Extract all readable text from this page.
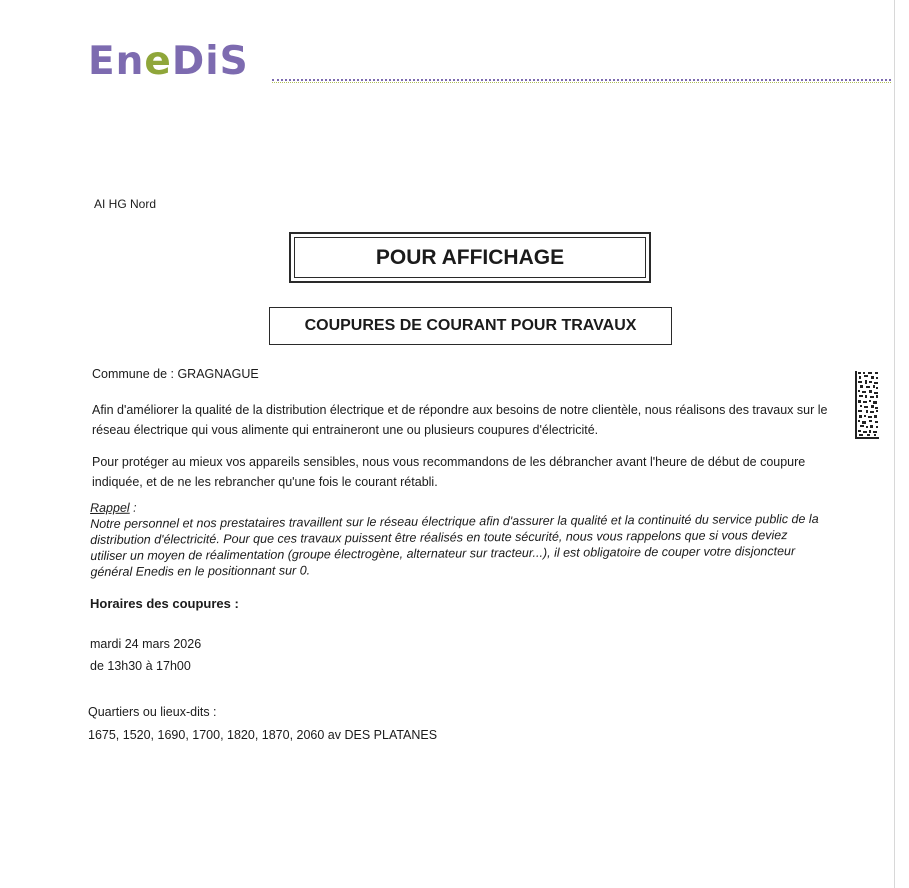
EneDiS
AI HG Nord
POUR AFFICHAGE
COUPURES DE COURANT POUR TRAVAUX
Commune de : GRAGNAGUE
Afin d'améliorer la qualité de la distribution électrique et de répondre aux besoins de notre clientèle, nous réalisons des travaux sur le réseau électrique qui vous alimente qui entraineront une ou plusieurs coupures d'électricité.
Pour protéger au mieux vos appareils sensibles, nous vous recommandons de les débrancher avant l'heure de début de coupure indiquée, et de ne les rebrancher qu'une fois le courant rétabli.
Rappel :
Notre personnel et nos prestataires travaillent sur le réseau électrique afin d'assurer la qualité et la continuité du service public de la distribution d'électricité. Pour que ces travaux puissent être réalisés en toute sécurité, nous vous rappelons que si vous deviez utiliser un moyen de réalimentation (groupe électrogène, alternateur sur tracteur...), il est obligatoire de couper votre disjoncteur général Enedis en le positionnant sur 0.
Horaires des coupures :
mardi 24 mars 2026
de 13h30 à 17h00
Quartiers ou lieux-dits :
1675, 1520, 1690, 1700, 1820, 1870, 2060 av DES PLATANES
